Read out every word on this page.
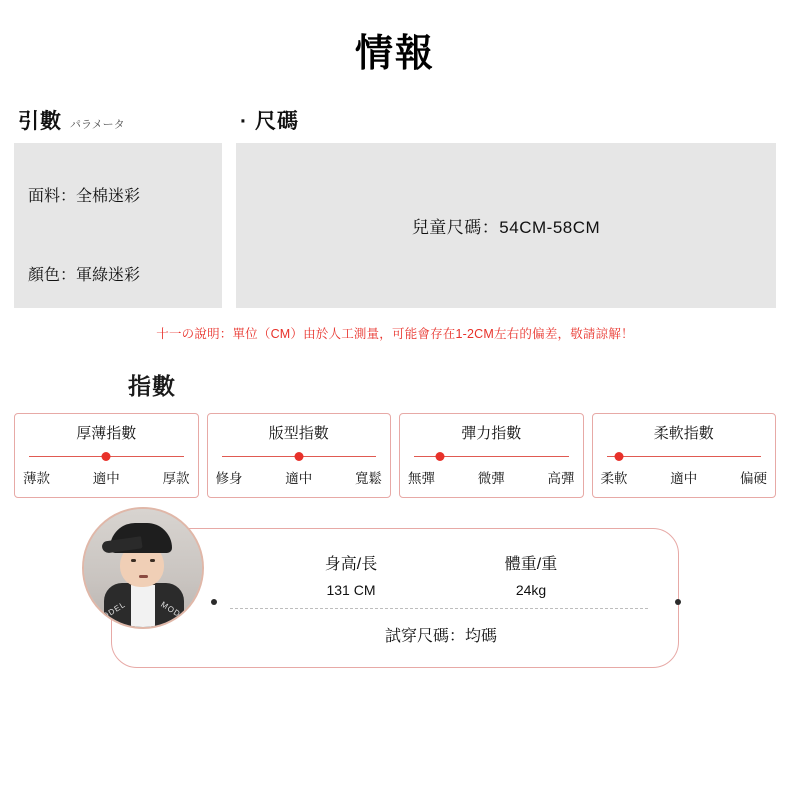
情報
引數 パラメータ
面料：全棉迷彩
顏色：軍綠迷彩
· 尺碼
兒童尺碼：54CM-58CM
十一の說明：單位（CM）由於人工測量，可能會存在1-2CM左右的偏差，敬請諒解！
指數
厚薄指數
薄款	適中	厚款
版型指數
修身	適中	寬鬆
彈力指數
無彈	微彈	高彈
柔軟指數
柔軟	適中	偏硬
MODEL	MODEL
身高/長
131 CM
體重/重
24kg
試穿尺碼：均碼
